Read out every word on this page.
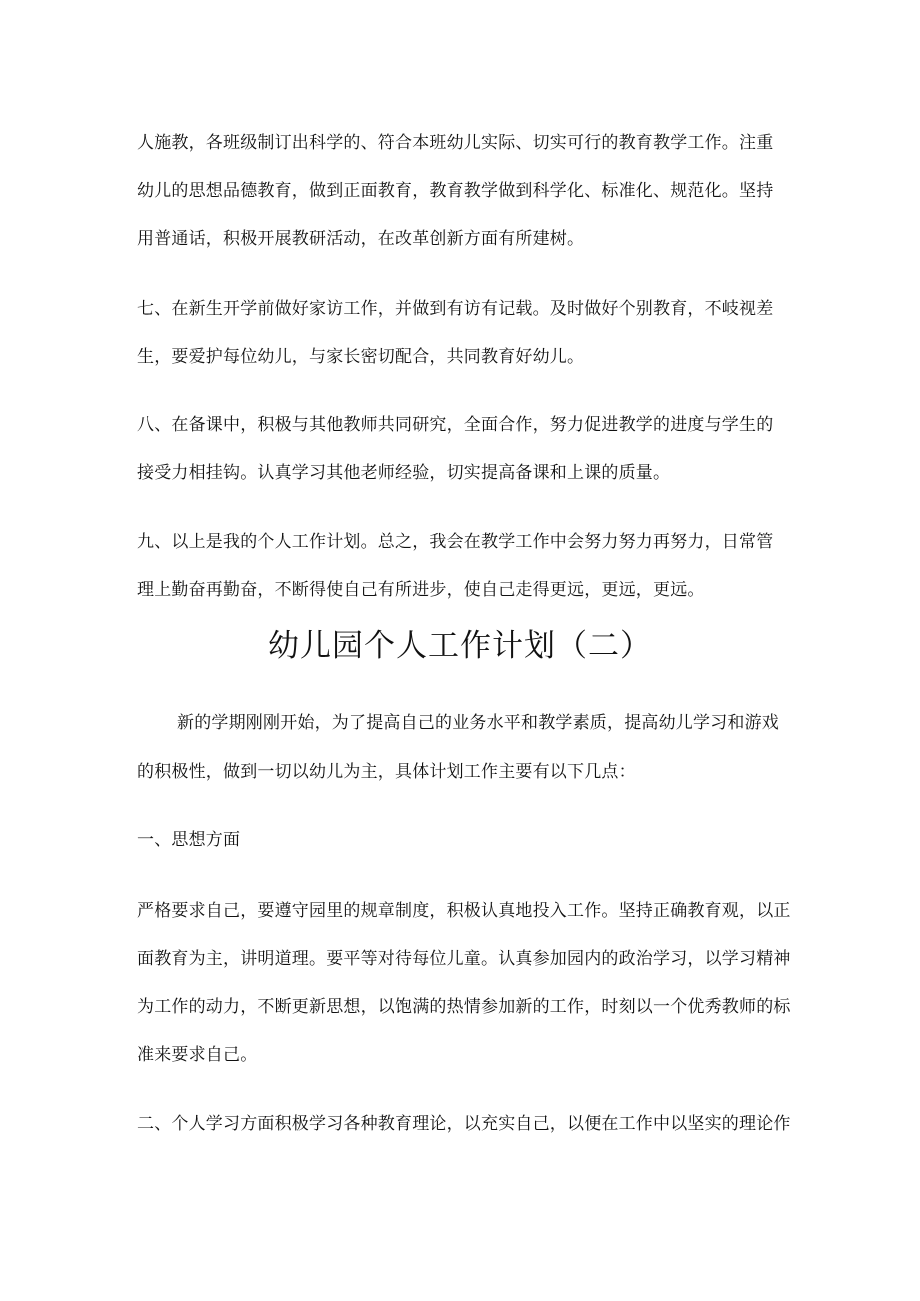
人施教，各班级制订出科学的、符合本班幼儿实际、切实可行的教育教学工作。注重
幼儿的思想品德教育，做到正面教育，教育教学做到科学化、标准化、规范化。坚持
用普通话，积极开展教研活动，在改革创新方面有所建树。
七、在新生开学前做好家访工作，并做到有访有记载。及时做好个别教育，不岐视差
生，要爱护每位幼儿，与家长密切配合，共同教育好幼儿。
八、在备课中，积极与其他教师共同研究，全面合作，努力促进教学的进度与学生的
接受力相挂钩。认真学习其他老师经验，切实提高备课和上课的质量。
九、以上是我的个人工作计划。总之，我会在教学工作中会努力努力再努力，日常管
理上勤奋再勤奋，不断得使自己有所进步，使自己走得更远，更远，更远。
幼儿园个人工作计划（二）
新的学期刚刚开始，为了提高自己的业务水平和教学素质，提高幼儿学习和游戏
的积极性，做到一切以幼儿为主，具体计划工作主要有以下几点：
一、思想方面
严格要求自己，要遵守园里的规章制度，积极认真地投入工作。坚持正确教育观，以正
面教育为主，讲明道理。要平等对待每位儿童。认真参加园内的政治学习，以学习精神
为工作的动力，不断更新思想，以饱满的热情参加新的工作，时刻以一个优秀教师的标
准来要求自己。
二、个人学习方面积极学习各种教育理论，以充实自己，以便在工作中以坚实的理论作
